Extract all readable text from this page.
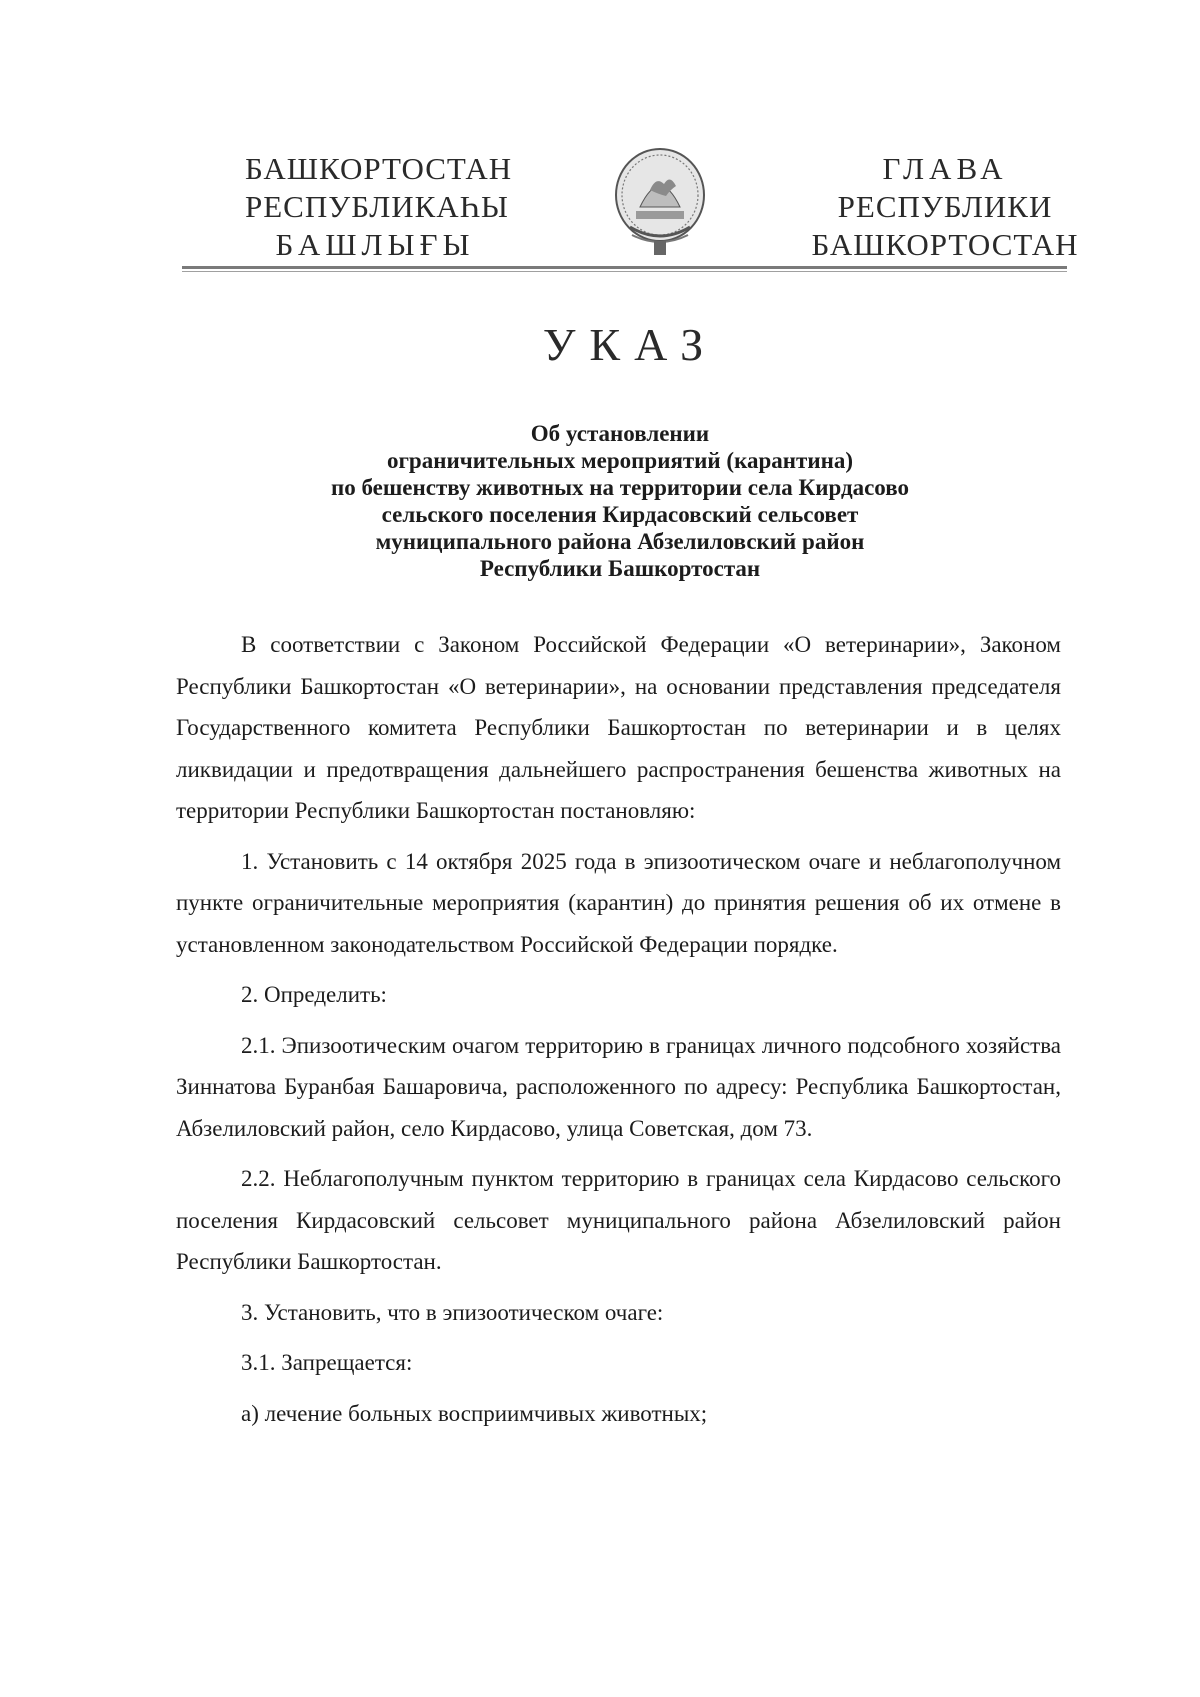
БАШКОРТОСТАН
РЕСПУБЛИКАҺЫ
БАШЛЫҒЫ
ГЛАВА
РЕСПУБЛИКИ
БАШКОРТОСТАН
УКАЗ
Об установлении
ограничительных мероприятий (карантина)
по бешенству животных на территории села Кирдасово
сельского поселения Кирдасовский сельсовет
муниципального района Абзелиловский район
Республики Башкортостан

В соответствии с Законом Российской Федерации «О ветеринарии», Законом Республики Башкортостан «О ветеринарии», на основании представления председателя Государственного комитета Республики Башкортостан по ветеринарии и в целях ликвидации и предотвращения дальнейшего распространения бешенства животных на территории Республики Башкортостан постановляю:

1. Установить с 14 октября 2025 года в эпизоотическом очаге и неблагополучном пункте ограничительные мероприятия (карантин) до принятия решения об их отмене в установленном законодательством Российской Федерации порядке.

2. Определить:

2.1. Эпизоотическим очагом территорию в границах личного подсобного хозяйства Зиннатова Буранбая Башаровича, расположенного по адресу: Республика Башкортостан, Абзелиловский район, село Кирдасово, улица Советская, дом 73.

2.2. Неблагополучным пунктом территорию в границах села Кирдасово сельского поселения Кирдасовский сельсовет муниципального района Абзелиловский район Республики Башкортостан.

3. Установить, что в эпизоотическом очаге:

3.1. Запрещается:

а) лечение больных восприимчивых животных;
